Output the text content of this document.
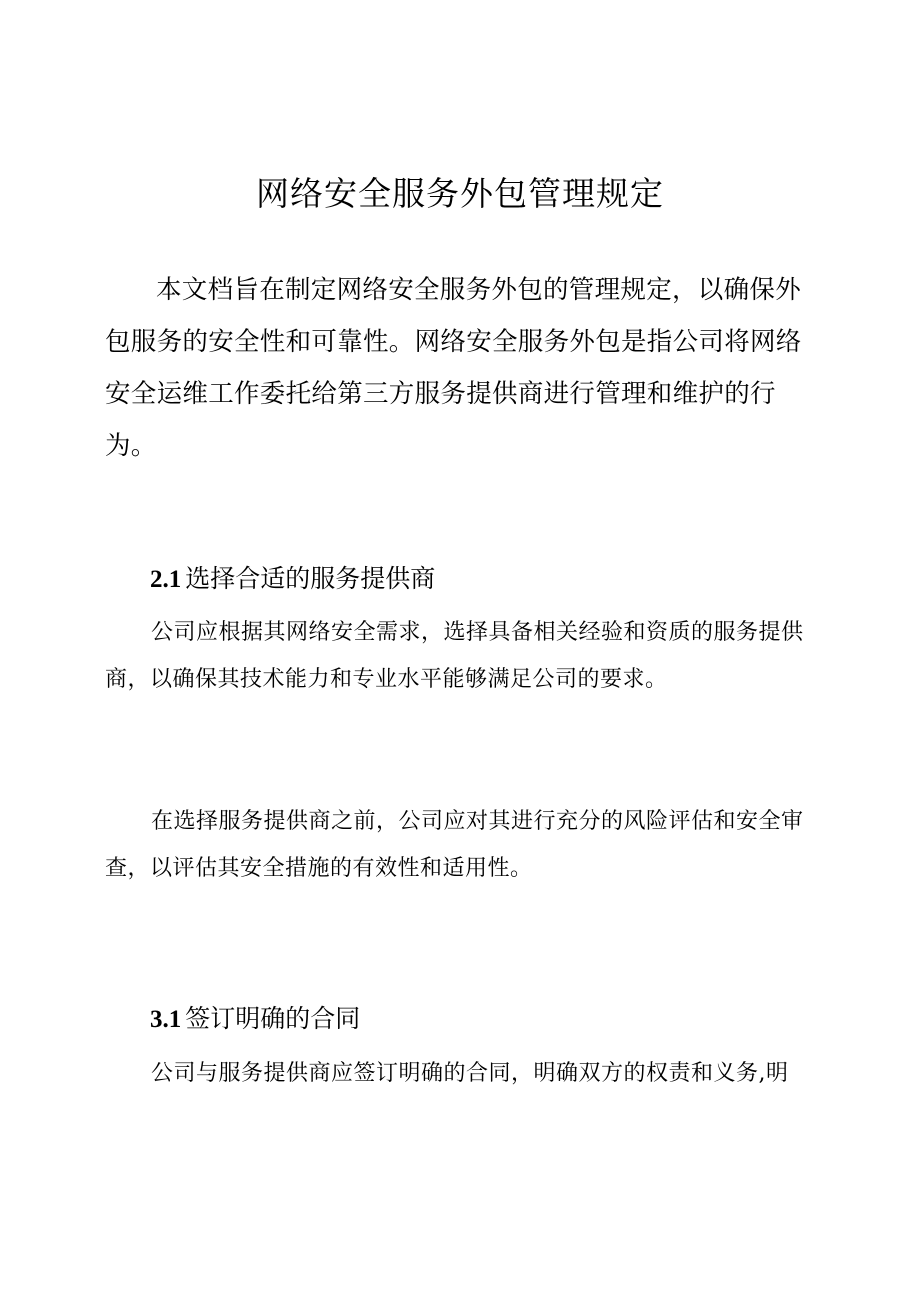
网络安全服务外包管理规定

本文档旨在制定网络安全服务外包的管理规定，以确保外包服务的安全性和可靠性。网络安全服务外包是指公司将网络安全运维工作委托给第三方服务提供商进行管理和维护的行为。

2.1 选择合适的服务提供商

公司应根据其网络安全需求，选择具备相关经验和资质的服务提供商，以确保其技术能力和专业水平能够满足公司的要求。

在选择服务提供商之前，公司应对其进行充分的风险评估和安全审查，以评估其安全措施的有效性和适用性。

3.1 签订明确的合同

公司与服务提供商应签订明确的合同，明确双方的权责和义务,明
